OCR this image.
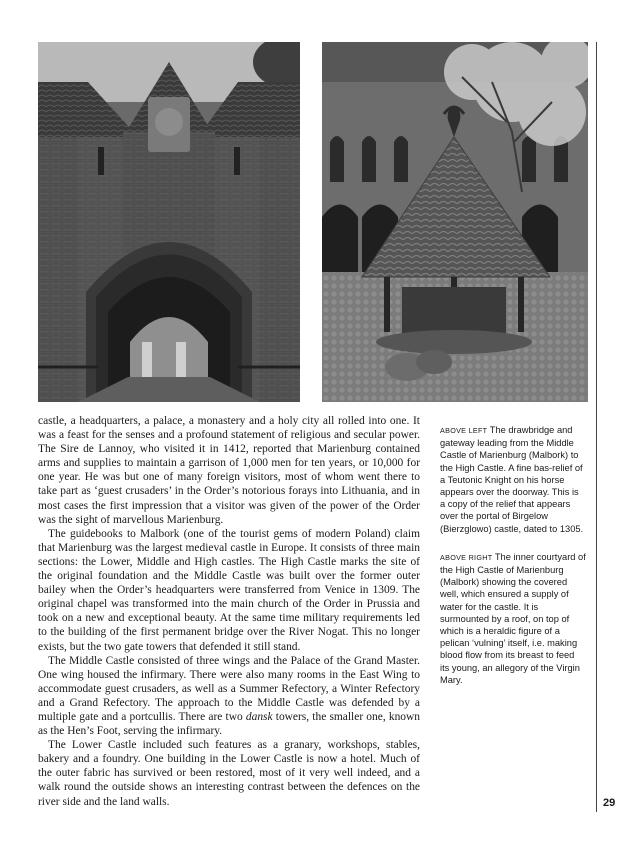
castle, a headquarters, a palace, a monastery and a holy city all rolled into one. It was a feast for the senses and a profound statement of religious and secular power. The Sire de Lannoy, who visited it in 1412, reported that Marienburg contained arms and supplies to maintain a garrison of 1,000 men for ten years, or 10,000 for one year. He was but one of many foreign visitors, most of whom went there to take part as ‘guest crusaders’ in the Order’s notorious forays into Lithuania, and in most cases the first impression that a visitor was given of the power of the Order was the sight of marvellous Marienburg.

The guidebooks to Malbork (one of the tourist gems of modern Poland) claim that Marienburg was the largest medieval castle in Europe. It consists of three main sections: the Lower, Middle and High castles. The High Castle marks the site of the original foundation and the Middle Castle was built over the former outer bailey when the Order’s headquarters were transferred from Venice in 1309. The original chapel was transformed into the main church of the Order in Prussia and took on a new and exceptional beauty. At the same time military requirements led to the building of the first permanent bridge over the River Nogat. This no longer exists, but the two gate towers that defended it still stand.

The Middle Castle consisted of three wings and the Palace of the Grand Master. One wing housed the infirmary. There were also many rooms in the East Wing to accommodate guest crusaders, as well as a Summer Refectory, a Winter Refectory and a Grand Refectory. The approach to the Middle Castle was defended by a multiple gate and a portcullis. There are two dansk towers, the smaller one, known as the Hen’s Foot, serving the infirmary.

The Lower Castle included such features as a granary, workshops, stables, bakery and a foundry. One building in the Lower Castle is now a hotel. Much of the outer fabric has survived or been restored, most of it very well indeed, and a walk round the outside shows an interesting contrast between the defences on the river side and the land walls.

ABOVE LEFT The drawbridge and gateway leading from the Middle Castle of Marienburg (Malbork) to the High Castle. A fine bas-relief of a Teutonic Knight on his horse appears over the doorway. This is a copy of the relief that appears over the portal of Birgelow (Bierzglowo) castle, dated to 1305.

ABOVE RIGHT The inner courtyard of the High Castle of Marienburg (Malbork) showing the covered well, which ensured a supply of water for the castle. It is surmounted by a roof, on top of which is a heraldic figure of a pelican ‘vulning’ itself, i.e. making blood flow from its breast to feed its young, an allegory of the Virgin Mary.

29
